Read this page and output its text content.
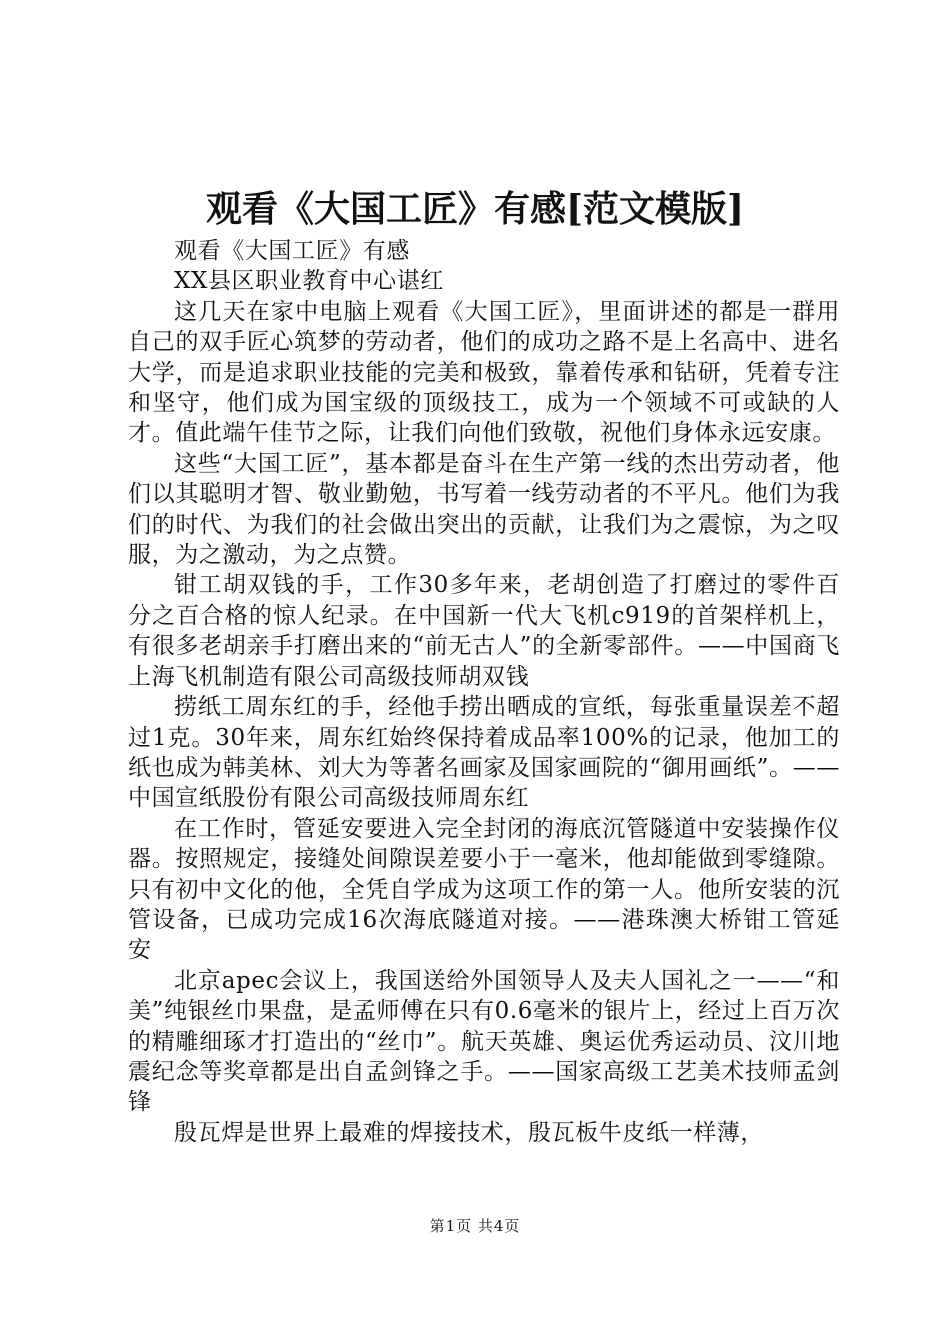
观看《大国工匠》有感[范文模版]

观看《大国工匠》有感

XX县区职业教育中心谌红

这几天在家中电脑上观看《大国工匠》，里面讲述的都是一群用自己的双手匠心筑梦的劳动者，他们的成功之路不是上名高中、进名大学，而是追求职业技能的完美和极致，靠着传承和钻研，凭着专注和坚守，他们成为国宝级的顶级技工，成为一个领域不可或缺的人才。值此端午佳节之际，让我们向他们致敬，祝他们身体永远安康。

这些“大国工匠”，基本都是奋斗在生产第一线的杰出劳动者，他们以其聪明才智、敬业勤勉，书写着一线劳动者的不平凡。他们为我们的时代、为我们的社会做出突出的贡献，让我们为之震惊，为之叹服，为之激动，为之点赞。

钳工胡双钱的手，工作30多年来，老胡创造了打磨过的零件百分之百合格的惊人纪录。在中国新一代大飞机c919的首架样机上，有很多老胡亲手打磨出来的“前无古人”的全新零部件。——中国商飞上海飞机制造有限公司高级技师胡双钱

捞纸工周东红的手，经他手捞出晒成的宣纸，每张重量误差不超过1克。30年来，周东红始终保持着成品率100%的记录，他加工的纸也成为韩美林、刘大为等著名画家及国家画院的“御用画纸”。——中国宣纸股份有限公司高级技师周东红

在工作时，管延安要进入完全封闭的海底沉管隧道中安装操作仪器。按照规定，接缝处间隙误差要小于一毫米，他却能做到零缝隙。只有初中文化的他，全凭自学成为这项工作的第一人。他所安装的沉管设备，已成功完成16次海底隧道对接。——港珠澳大桥钳工管延安

北京apec会议上，我国送给外国领导人及夫人国礼之一——“和美”纯银丝巾果盘，是孟师傅在只有0.6毫米的银片上，经过上百万次的精雕细琢才打造出的“丝巾”。航天英雄、奥运优秀运动员、汶川地震纪念等奖章都是出自孟剑锋之手。——国家高级工艺美术技师孟剑锋

殷瓦焊是世界上最难的焊接技术，殷瓦板牛皮纸一样薄，

第1页 共4页
